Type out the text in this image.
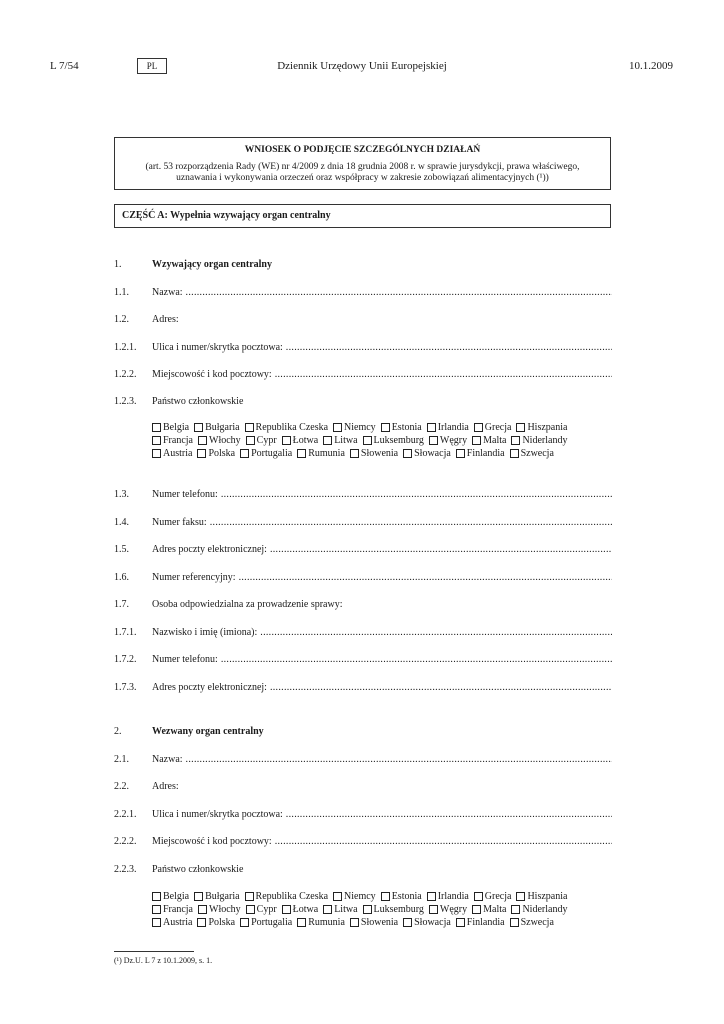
L 7/54	PL	Dziennik Urzędowy Unii Europejskiej	10.1.2009
WNIOSEK O PODJĘCIE SZCZEGÓLNYCH DZIAŁAŃ
(art. 53 rozporządzenia Rady (WE) nr 4/2009 z dnia 18 grudnia 2008 r. w sprawie jurysdykcji, prawa właściwego, uznawania i wykonywania orzeczeń oraz współpracy w zakresie zobowiązań alimentacyjnych (¹))
CZĘŚĆ A: Wypełnia wzywający organ centralny
1.	Wzywający organ centralny
1.1.	Nazwa:
.....
1.2.	Adres:
1.2.1.	Ulica i numer/skrytka pocztowa:
.....
1.2.2.	Miejscowość i kod pocztowy:
.....
1.2.3.	Państwo członkowskie
Belgia Bułgaria Republika Czeska Niemcy Estonia Irlandia Grecja Hiszpania
Francja Włochy Cypr Łotwa Litwa Luksemburg Węgry Malta Niderlandy
Austria Polska Portugalia Rumunia Słowenia Słowacja Finlandia Szwecja
1.3.	Numer telefonu:
.....
1.4.	Numer faksu:
.....
1.5.	Adres poczty elektronicznej:
.....
1.6.	Numer referencyjny:
.....
1.7.	Osoba odpowiedzialna za prowadzenie sprawy:
1.7.1.	Nazwisko i imię (imiona):
.....
1.7.2.	Numer telefonu:
.....
1.7.3.	Adres poczty elektronicznej:
.....
2.	Wezwany organ centralny
2.1.	Nazwa:
.....
2.2.	Adres:
2.2.1.	Ulica i numer/skrytka pocztowa:
.....
2.2.2.	Miejscowość i kod pocztowy:
.....
2.2.3.	Państwo członkowskie
Belgia Bułgaria Republika Czeska Niemcy Estonia Irlandia Grecja Hiszpania
Francja Włochy Cypr Łotwa Litwa Luksemburg Węgry Malta Niderlandy
Austria Polska Portugalia Rumunia Słowenia Słowacja Finlandia Szwecja
(¹) Dz.U. L 7 z 10.1.2009, s. 1.
